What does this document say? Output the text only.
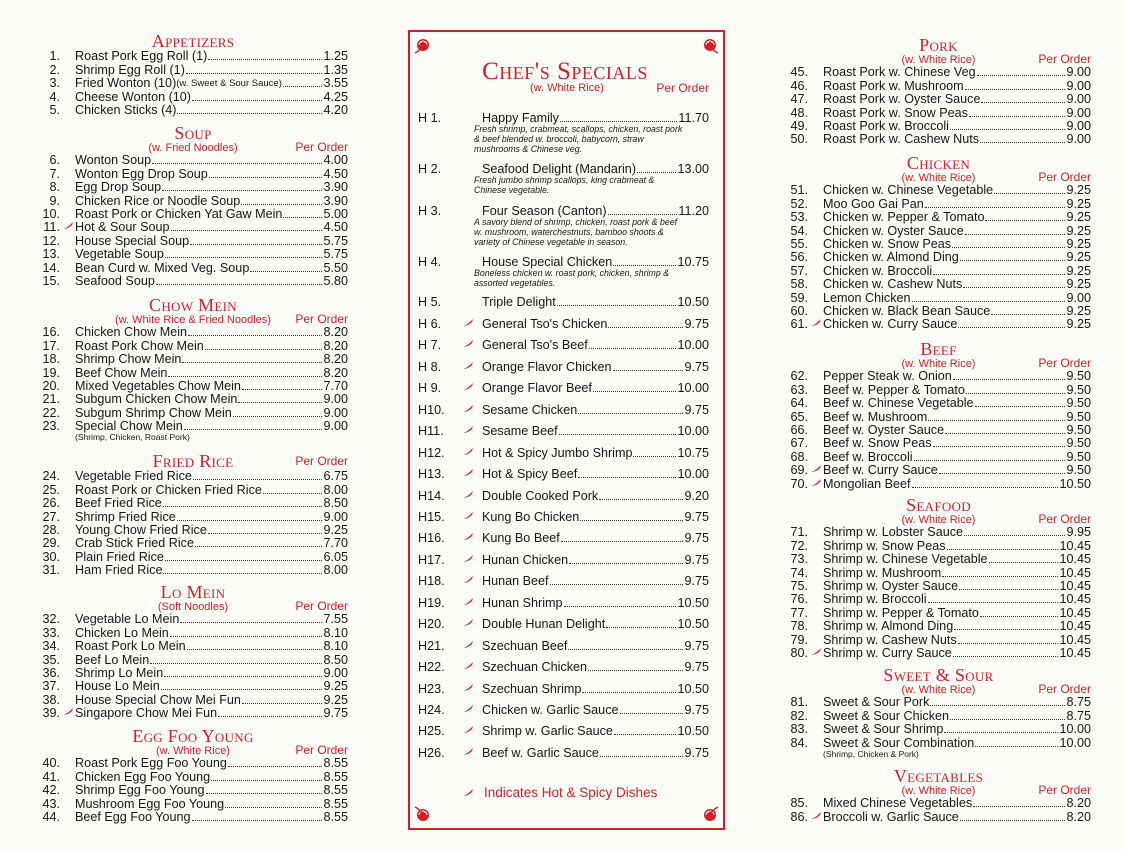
Appetizers
1. Roast Pork Egg Roll (1)	1.25
2. Shrimp Egg Roll (1)	1.35
3. Fried Wonton (10) (w. Sweet & Sour Sauce)	3.55
4. Cheese Wonton (10)	4.25
5. Chicken Sticks (4)	4.20
Soup
(w. Fried Noodles)	Per Order
6. Wonton Soup	4.00
7. Wonton Egg Drop Soup	4.50
8. Egg Drop Soup	3.90
9. Chicken Rice or Noodle Soup	3.90
10. Roast Pork or Chicken Yat Gaw Mein	5.00
11. Hot & Sour Soup	4.50
12. House Special Soup	5.75
13. Vegetable Soup	5.75
14. Bean Curd w. Mixed Veg. Soup	5.50
15. Seafood Soup	5.80
Chow Mein
(w. White Rice & Fried Noodles)	Per Order
16. Chicken Chow Mein	8.20
17. Roast Pork Chow Mein	8.20
18. Shrimp Chow Mein	8.20
19. Beef Chow Mein	8.20
20. Mixed Vegetables Chow Mein	7.70
21. Subgum Chicken Chow Mein	9.00
22. Subgum Shrimp Chow Mein	9.00
23. Special Chow Mein	9.00
(Shrimp, Chicken, Roast Pork)
Fried Rice	Per Order
24. Vegetable Fried Rice	6.75
25. Roast Pork or Chicken Fried Rice	8.00
26. Beef Fried Rice	8.50
27. Shrimp Fried Rice	9.00
28. Young Chow Fried Rice	9.25
29. Crab Stick Fried Rice	7.70
30. Plain Fried Rice	6.05
31. Ham Fried Rice	8.00
Lo Mein
(Soft Noodles)	Per Order
32. Vegetable Lo Mein	7.55
33. Chicken Lo Mein	8.10
34. Roast Pork Lo Mein	8.10
35. Beef Lo Mein	8.50
36. Shrimp Lo Mein	9.00
37. House Lo Mein	9.25
38. House Special Chow Mei Fun	9.25
39. Singapore Chow Mei Fun	9.75
Egg Foo Young
(w. White Rice)	Per Order
40. Roast Pork Egg Foo Young	8.55
41. Chicken Egg Foo Young	8.55
42. Shrimp Egg Foo Young	8.55
43. Mushroom Egg Foo Young	8.55
44. Beef Egg Foo Young	8.55
Chef's Specials
(w. White Rice)	Per Order
H 1.	Happy Family	11.70
Fresh shrimp, crabmeat, scallops, chicken, roast pork & beef blended w. broccoli, babycorn, straw mushrooms & Chinese veg.
H 2.	Seafood Delight (Mandarin)	13.00
Fresh jumbo shrimp scallops, king crabmeat & Chinese vegetable.
H 3.	Four Season (Canton)	11.20
A savory blend of shrimp, chicken, roast pork & beef w. mushroom, waterchestnuts, bamboo shoots & variety of Chinese vegetable in season.
H 4.	House Special Chicken	10.75
Boneless chicken w. roast pork, chicken, shrimp & assorted vegetables.
H 5.	Triple Delight	10.50
H 6.	General Tso's Chicken	9.75
H 7.	General Tso's Beef	10.00
H 8.	Orange Flavor Chicken	9.75
H 9.	Orange Flavor Beef	10.00
H10.	Sesame Chicken	9.75
H11.	Sesame Beef	10.00
H12.	Hot & Spicy Jumbo Shrimp	10.75
H13.	Hot & Spicy Beef	10.00
H14.	Double Cooked Pork	9.20
H15.	Kung Bo Chicken	9.75
H16.	Kung Bo Beef	9.75
H17.	Hunan Chicken	9.75
H18.	Hunan Beef	9.75
H19.	Hunan Shrimp	10.50
H20.	Double Hunan Delight	10.50
H21.	Szechuan Beef	9.75
H22.	Szechuan Chicken	9.75
H23.	Szechuan Shrimp	10.50
H24.	Chicken w. Garlic Sauce	9.75
H25.	Shrimp w. Garlic Sauce	10.50
H26.	Beef w. Garlic Sauce	9.75
Indicates Hot & Spicy Dishes
Pork
(w. White Rice)	Per Order
45. Roast Pork w. Chinese Veg	9.00
46. Roast Pork w. Mushroom	9.00
47. Roast Pork w. Oyster Sauce	9.00
48. Roast Pork w. Snow Peas	9.00
49. Roast Pork w. Broccoli	9.00
50. Roast Pork w. Cashew Nuts	9.00
Chicken
(w. White Rice)	Per Order
51. Chicken w. Chinese Vegetable	9.25
52. Moo Goo Gai Pan	9.25
53. Chicken w. Pepper & Tomato	9.25
54. Chicken w. Oyster Sauce	9.25
55. Chicken w. Snow Peas	9.25
56. Chicken w. Almond Ding	9.25
57. Chicken w. Broccoli	9.25
58. Chicken w. Cashew Nuts	9.25
59. Lemon Chicken	9.00
60. Chicken w. Black Bean Sauce	9.25
61. Chicken w. Curry Sauce	9.25
Beef
(w. White Rice)	Per Order
62. Pepper Steak w. Onion	9.50
63. Beef w. Pepper & Tomato	9.50
64. Beef w. Chinese Vegetable	9.50
65. Beef w. Mushroom	9.50
66. Beef w. Oyster Sauce	9.50
67. Beef w. Snow Peas	9.50
68. Beef w. Broccoli	9.50
69. Beef w. Curry Sauce	9.50
70. Mongolian Beef	10.50
Seafood
(w. White Rice)	Per Order
71. Shrimp w. Lobster Sauce	9.95
72. Shrimp w. Snow Peas	10.45
73. Shrimp w. Chinese Vegetable	10.45
74. Shrimp w. Mushroom	10.45
75. Shrimp w. Oyster Sauce	10.45
76. Shrimp w. Broccoli	10.45
77. Shrimp w. Pepper & Tomato	10.45
78. Shrimp w. Almond Ding	10.45
79. Shrimp w. Cashew Nuts	10.45
80. Shrimp w. Curry Sauce	10.45
Sweet & Sour
(w. White Rice)	Per Order
81. Sweet & Sour Pork	8.75
82. Sweet & Sour Chicken	8.75
83. Sweet & Sour Shrimp	10.00
84. Sweet & Sour Combination	10.00
(Shrimp, Chicken & Pork)
Vegetables
(w. White Rice)	Per Order
85. Mixed Chinese Vegetables	8.20
86. Broccoli w. Garlic Sauce	8.20
